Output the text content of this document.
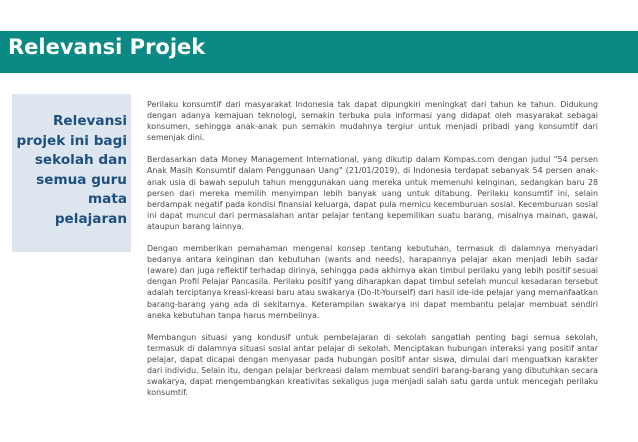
Relevansi Projek
Relevansi projek ini bagi sekolah dan semua guru mata pelajaran

Perilaku konsumtif dari masyarakat Indonesia tak dapat dipungkiri meningkat dari tahun ke tahun. Didukung dengan adanya kemajuan teknologi, semakin terbuka pula informasi yang didapat oleh masyarakat sebagai konsumen, sehingga anak-anak pun semakin mudahnya tergiur untuk menjadi pribadi yang konsumtif dari semenjak dini.

Berdasarkan data Money Management International, yang dikutip dalam Kompas.com dengan judul "54 persen Anak Masih Konsumtif dalam Penggunaan Uang" (21/01/2019), di Indonesia terdapat sebanyak 54 persen anak-anak usia di bawah sepuluh tahun menggunakan uang mereka untuk memenuhi keinginan, sedangkan baru 28 persen dari mereka memilih menyimpan lebih banyak uang untuk ditabung. Perilaku konsumtif ini, selain berdampak negatif pada kondisi finansial keluarga, dapat pula memicu kecemburuan sosial. Kecemburuan sosial ini dapat muncul dari permasalahan antar pelajar tentang kepemilikan suatu barang, misalnya mainan, gawai, ataupun barang lainnya.

Dengan memberikan pemahaman mengenai konsep tentang kebutuhan, termasuk di dalamnya menyadari bedanya antara keinginan dan kebutuhan (wants and needs), harapannya pelajar akan menjadi lebih sadar (aware) dan juga reflektif terhadap dirinya, sehingga pada akhirnya akan timbul perilaku yang lebih positif sesuai dengan Profil Pelajar Pancasila. Perilaku positif yang diharapkan dapat timbul setelah muncul kesadaran tersebut adalah terciptanya kreasi-kreasi baru atau swakarya (Do-It-Yourself) dari hasil ide-ide pelajar yang memanfaatkan barang-barang yang ada di sekitarnya. Keterampilan swakarya ini dapat membantu pelajar membuat sendiri aneka kebutuhan tanpa harus membelinya.

Membangun situasi yang kondusif untuk pembelajaran di sekolah sangatlah penting bagi semua sekolah, termasuk di dalamnya situasi sosial antar pelajar di sekolah. Menciptakan hubungan interaksi yang positif antar pelajar, dapat dicapai dengan menyasar pada hubungan positif antar siswa, dimulai dari menguatkan karakter dari individu. Selain itu, dengan pelajar berkreasi dalam membuat sendiri barang-barang yang dibutuhkan secara swakarya, dapat mengembangkan kreativitas sekaligus juga menjadi salah satu garda untuk mencegah perilaku konsumtif.
